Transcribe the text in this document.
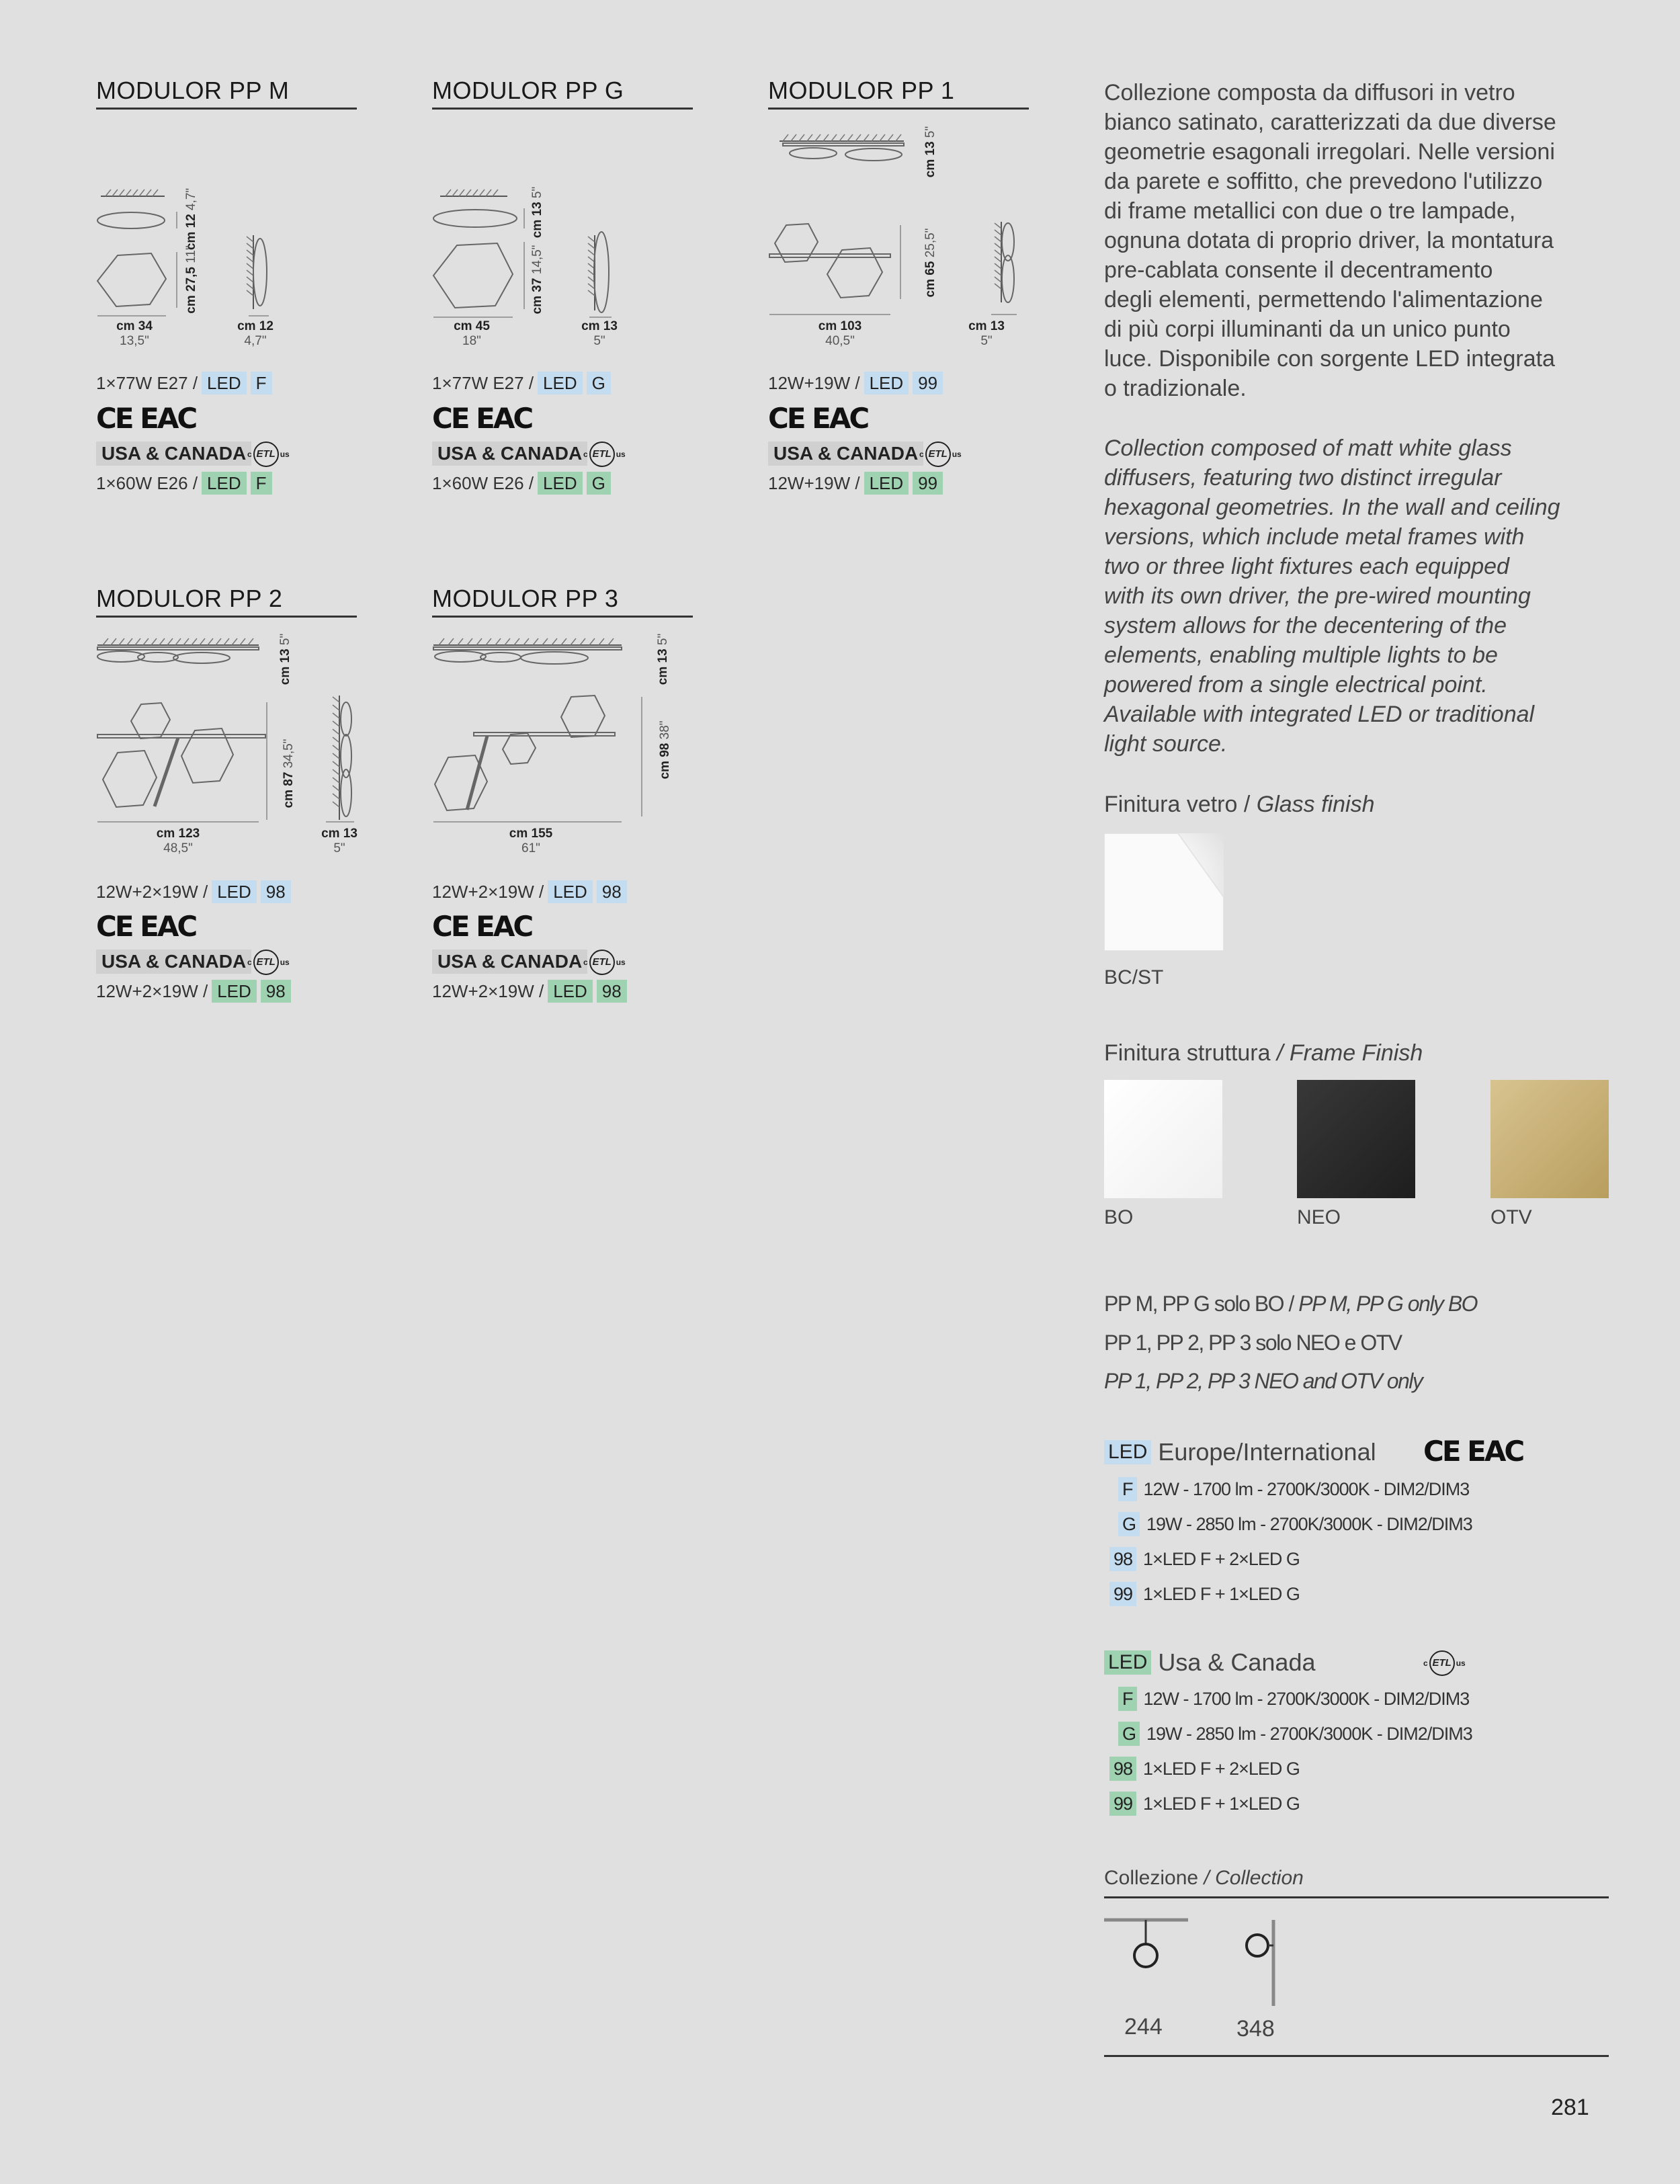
MODULOR PP M
cm 34
13,5"
cm 12
4,7"
cm 12 4,7"
cm 27,5 11"
1×77W E27 / LED F
CE EAC
USA & CANADA c ETL us
1×60W E26 / LED F
MODULOR PP G
cm 45
18"
cm 13
5"
cm 13 5"
cm 37 14,5"
1×77W E27 / LED G
CE EAC
USA & CANADA c ETL us
1×60W E26 / LED G
MODULOR PP 1
cm 103
40,5"
cm 13
5"
cm 13 5"
cm 65 25,5"
12W+19W / LED 99
CE EAC
USA & CANADA c ETL us
12W+19W / LED 99
MODULOR PP 2
cm 123
48,5"
cm 13
5"
cm 13 5"
cm 87 34,5"
12W+2×19W / LED 98
CE EAC
USA & CANADA c ETL us
12W+2×19W / LED 98
MODULOR PP 3
cm 155
61"
cm 13 5"
cm 98 38"
12W+2×19W / LED 98
CE EAC
USA & CANADA c ETL us
12W+2×19W / LED 98
Collezione composta da diffusori in vetro
bianco satinato, caratterizzati da due diverse
geometrie esagonali irregolari. Nelle versioni
da parete e soffitto, che prevedono l'utilizzo
di frame metallici con due o tre lampade,
ognuna dotata di proprio driver, la montatura
pre-cablata consente il decentramento
degli elementi, permettendo l'alimentazione
di più corpi illuminanti da un unico punto
luce. Disponibile con sorgente LED integrata
o tradizionale.
Collection composed of matt white glass
diffusers, featuring two distinct irregular
hexagonal geometries. In the wall and ceiling
versions, which include metal frames with
two or three light fixtures each equipped
with its own driver, the pre-wired mounting
system allows for the decentering of the
elements, enabling multiple lights to be
powered from a single electrical point.
Available with integrated LED or traditional
light source.
Finitura vetro / Glass finish
BC/ST
Finitura struttura / Frame Finish
BO	NEO	OTV
PP M, PP G solo BO / PP M, PP G only BO
PP 1, PP 2, PP 3 solo NEO e OTV
PP 1, PP 2, PP 3 NEO and OTV only
LED Europe/International CE EAC
F 12W - 1700 lm - 2700K/3000K - DIM2/DIM3
G 19W - 2850 lm - 2700K/3000K - DIM2/DIM3
98 1×LED F + 2×LED G
99 1×LED F + 1×LED G
LED Usa & Canada	c ETL us
F 12W - 1700 lm - 2700K/3000K - DIM2/DIM3
G 19W - 2850 lm - 2700K/3000K - DIM2/DIM3
98 1×LED F + 2×LED G
99 1×LED F + 1×LED G
Collezione / Collection
244	348
281
